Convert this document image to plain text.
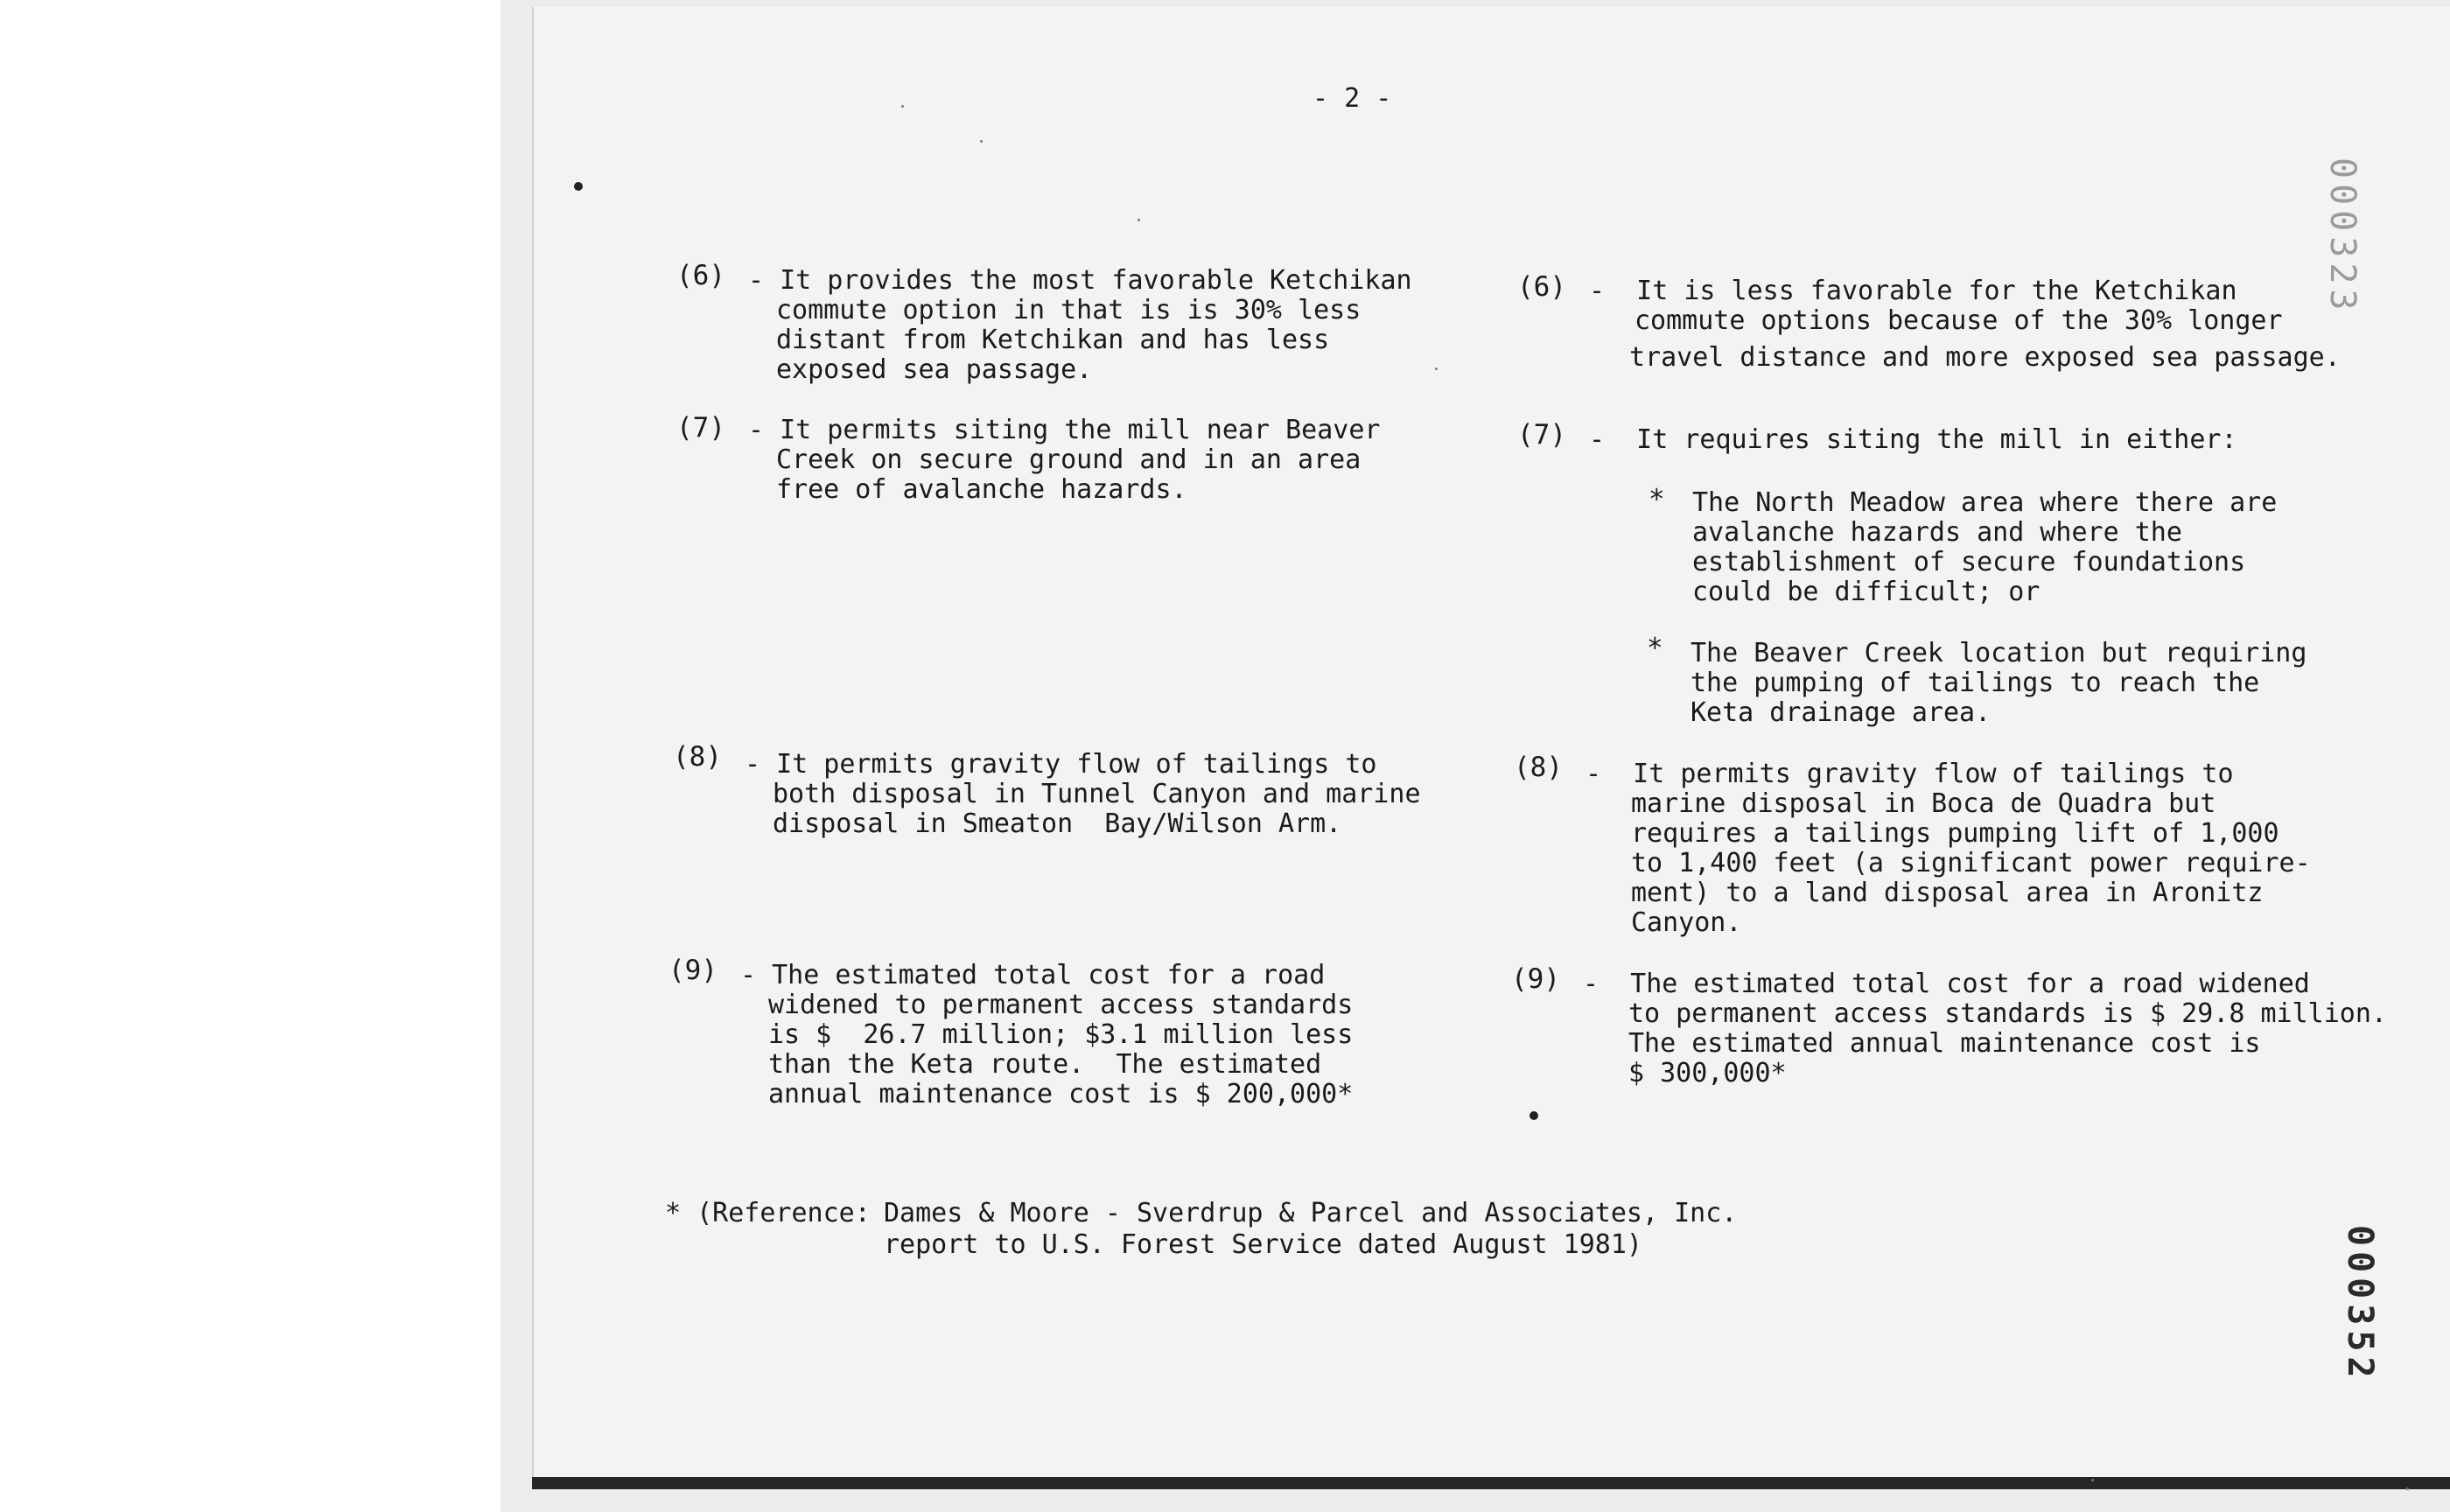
- 2 -
000323
000352
(6) - It provides the most favorable Ketchikan
commute option in that is is 30% less
distant from Ketchikan and has less
exposed sea passage.
(7) - It permits siting the mill near Beaver
Creek on secure ground and in an area
free of avalanche hazards.
(8) - It permits gravity flow of tailings to
both disposal in Tunnel Canyon and marine
disposal in Smeaton  Bay/Wilson Arm.
(9) - The estimated total cost for a road
widened to permanent access standards
is $  26.7 million; $3.1 million less
than the Keta route.  The estimated
annual maintenance cost is $ 200,000*
(6) -  It is less favorable for the Ketchikan
commute options because of the 30% longer
travel distance and more exposed sea passage.
(7) -  It requires siting the mill in either:
* The North Meadow area where there are
avalanche hazards and where the
establishment of secure foundations
could be difficult; or
* The Beaver Creek location but requiring
the pumping of tailings to reach the
Keta drainage area.
(8) -  It permits gravity flow of tailings to
marine disposal in Boca de Quadra but
requires a tailings pumping lift of 1,000
to 1,400 feet (a significant power require-
ment) to a land disposal area in Aronitz
Canyon.
(9) -  The estimated total cost for a road widened
to permanent access standards is $ 29.8 million.
The estimated annual maintenance cost is
$ 300,000*
* (Reference: Dames & Moore - Sverdrup & Parcel and Associates, Inc.
report to U.S. Forest Service dated August 1981)
